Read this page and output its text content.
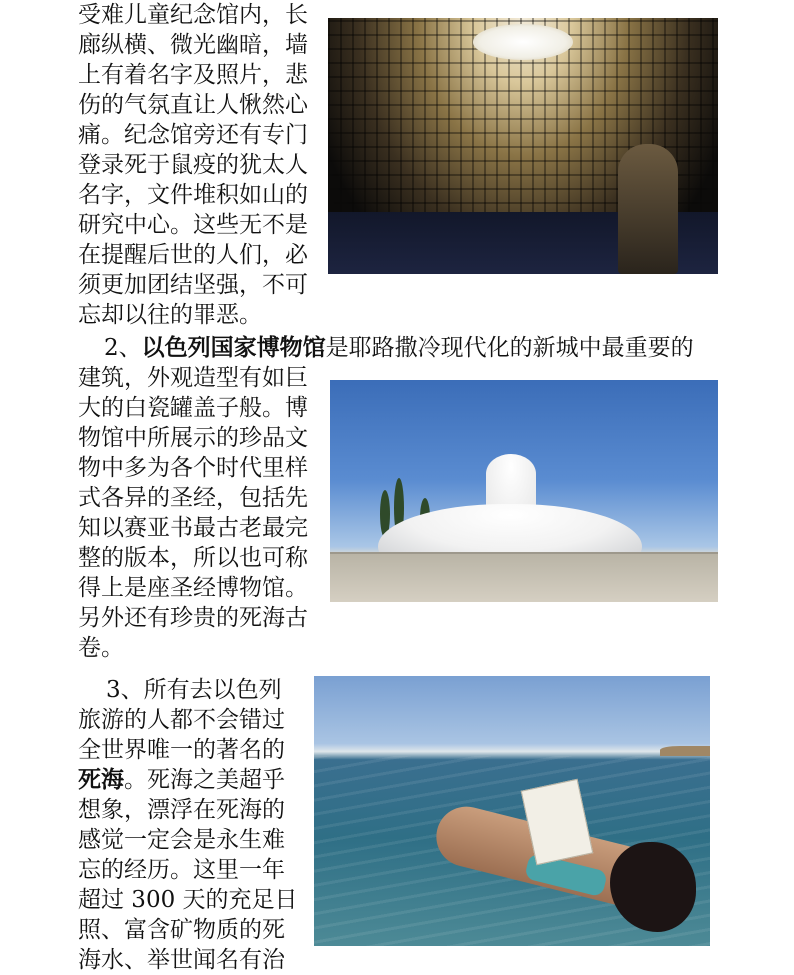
受难儿童纪念馆内，长
廊纵横、微光幽暗，墙
上有着名字及照片，悲
伤的气氛直让人愀然心
痛。纪念馆旁还有专门
登录死于鼠疫的犹太人
名字，文件堆积如山的
研究中心。这些无不是
在提醒后世的人们，必
须更加团结坚强，不可
忘却以往的罪恶。
2、以色列国家博物馆是耶路撒冷现代化的新城中最重要的
建筑，外观造型有如巨
大的白瓷罐盖子般。博
物馆中所展示的珍品文
物中多为各个时代里样
式各异的圣经，包括先
知以赛亚书最古老最完
整的版本，所以也可称
得上是座圣经博物馆。
另外还有珍贵的死海古
卷。
3、所有去以色列
旅游的人都不会错过
全世界唯一的著名的
死海。死海之美超乎
想象，漂浮在死海的
感觉一定会是永生难
忘的经历。这里一年
超过 300 天的充足日
照、富含矿物质的死
海水、举世闻名有治
